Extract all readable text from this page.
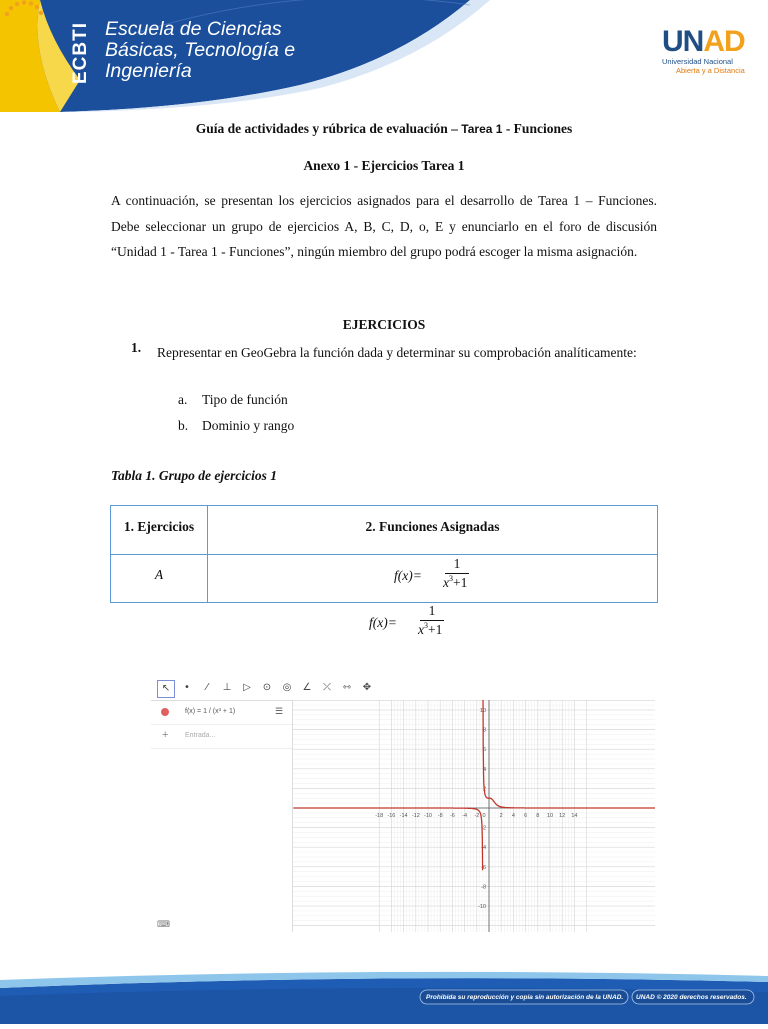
ECBTI Escuela de Ciencias
Básicas, Tecnología e
Ingeniería
UNAD
Universidad Nacional
Abierta y a Distancia
Guía de actividades y rúbrica de evaluación – Tarea 1 - Funciones
Anexo 1 - Ejercicios Tarea 1
A continuación, se presentan los ejercicios asignados para el desarrollo de Tarea 1 – Funciones. Debe seleccionar un grupo de ejercicios A, B, C, D, o, E y enunciarlo en el foro de discusión “Unidad 1 - Tarea 1 - Funciones”, ningún miembro del grupo podrá escoger la misma asignación.
EJERCICIOS
1. Representar en GeoGebra la función dada y determinar su comprobación analíticamente:
a. Tipo de función
b. Dominio y rango
Tabla 1. Grupo de ejercicios 1
1. Ejercicios	2. Funciones Asignadas
A	f(x)=
1
$x^3+1$
f(x)=
1
$x^3+1$
↖	•	⁄	⊥	▷	⊙	◎	∠	⤫	⇿	✥
f(x) = 1 / (x³ + 1)	☰
+ Entrada...
⌨
-18 -16 -14 -12 -10 -8 -6 -4 -2	2 4 6 8 10 12 14
0
10
8
6
4
2
-2
-4
-6
-8
-10
Prohibida su reproducción y copia sin autorización de la UNAD. UNAD © 2020 derechos reservados.
